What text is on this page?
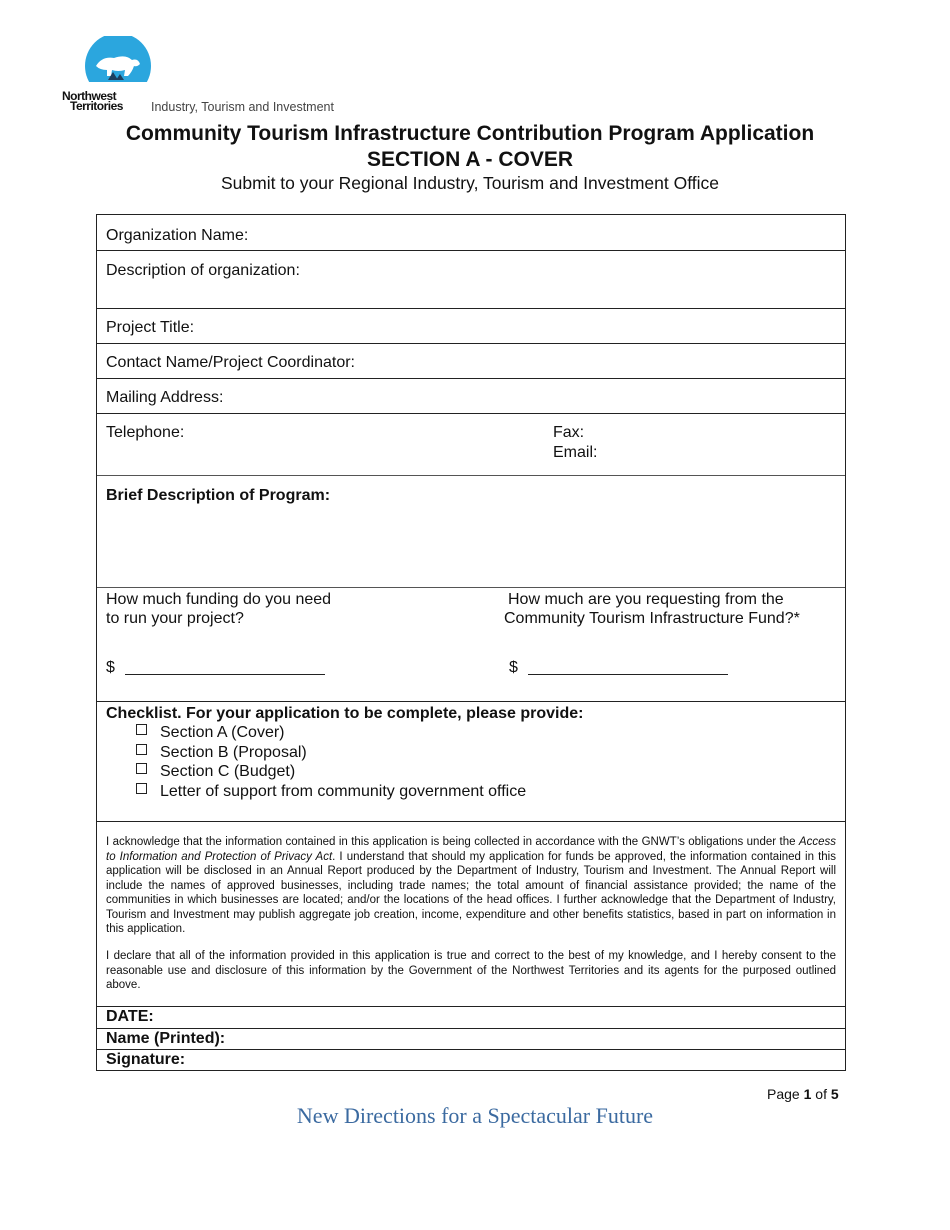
Northwest
Territories Industry, Tourism and Investment
Community Tourism Infrastructure Contribution Program Application
SECTION A - COVER
Submit to your Regional Industry, Tourism and Investment Office
Organization Name:
Description of organization:
Project Title:
Contact Name/Project Coordinator:
Mailing Address:
Telephone:	Fax:
Email:
Brief Description of Program:
How much funding do you need
to run your project?
How much are you requesting from the
Community Tourism Infrastructure Fund?*
$	$
Checklist. For your application to be complete, please provide:
Section A (Cover)
Section B (Proposal)
Section C (Budget)
Letter of support from community government office
I acknowledge that the information contained in this application is being collected in accordance with the GNWT’s obligations under the Access to Information and Protection of Privacy Act. I understand that should my application for funds be approved, the information contained in this application will be disclosed in an Annual Report produced by the Department of Industry, Tourism and Investment. The Annual Report will include the names of approved businesses, including trade names; the total amount of financial assistance provided; the name of the communities in which businesses are located; and/or the locations of the head offices. I further acknowledge that the Department of Industry, Tourism and Investment may publish aggregate job creation, income, expenditure and other benefits statistics, based in part on information in this application.
I declare that all of the information provided in this application is true and correct to the best of my knowledge, and I hereby consent to the reasonable use and disclosure of this information by the Government of the Northwest Territories and its agents for the purposed outlined above.
DATE:
Name (Printed):
Signature:
Page 1 of 5
New Directions for a Spectacular Future
